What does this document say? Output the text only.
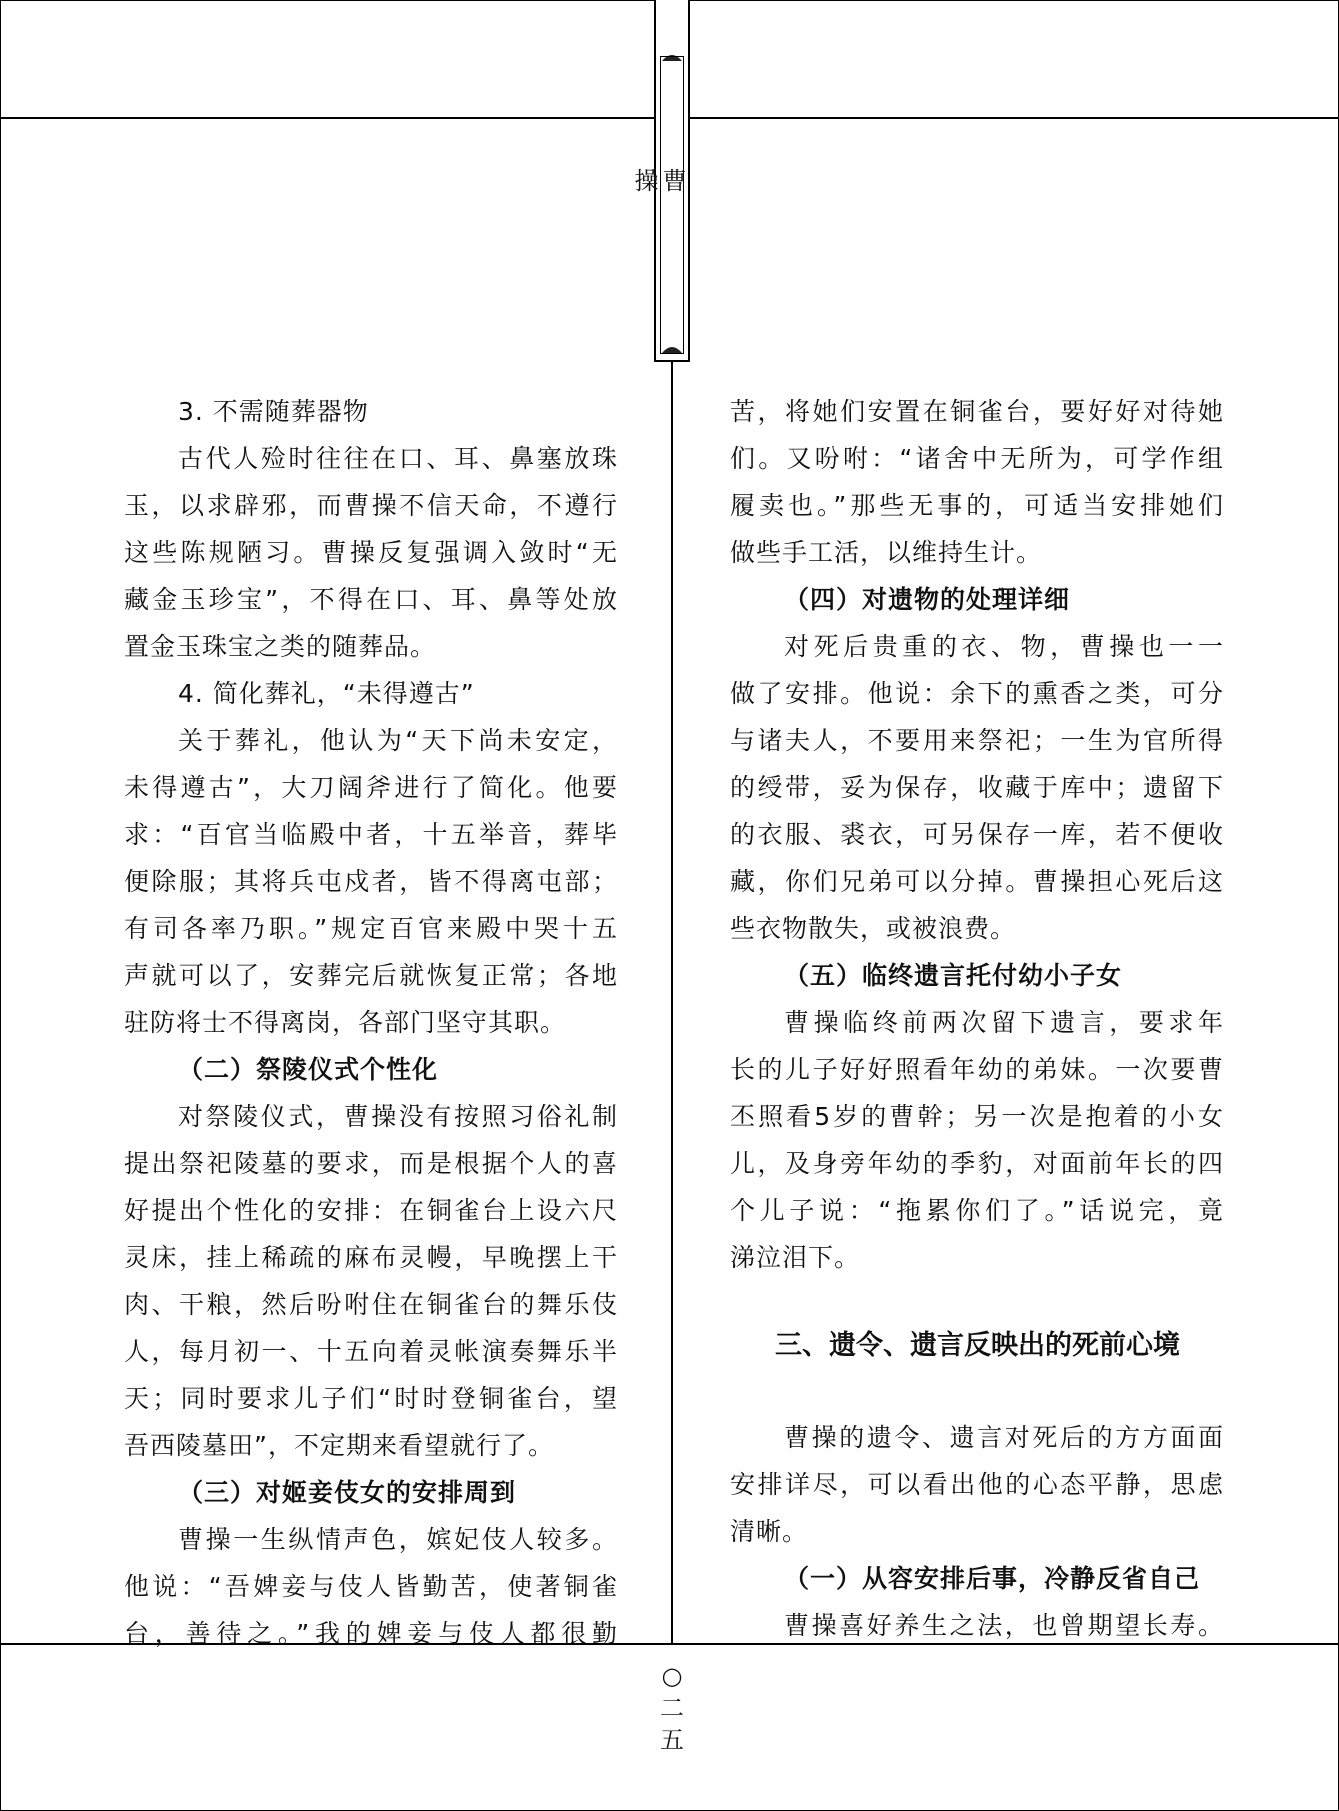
曹
操
3. 不需随葬器物
古代人殓时往往在口、耳、鼻塞放珠
玉，以求辟邪，而曹操不信天命，不遵行
这些陈规陋习。曹操反复强调入敛时“无
藏金玉珍宝”，不得在口、耳、鼻等处放
置金玉珠宝之类的随葬品。
4. 简化葬礼，“未得遵古”
关于葬礼，他认为“天下尚未安定，
未得遵古”，大刀阔斧进行了简化。他要
求：“百官当临殿中者，十五举音，葬毕
便除服；其将兵屯戍者，皆不得离屯部；
有司各率乃职。”规定百官来殿中哭十五
声就可以了，安葬完后就恢复正常；各地
驻防将士不得离岗，各部门坚守其职。
（二）祭陵仪式个性化
对祭陵仪式，曹操没有按照习俗礼制
提出祭祀陵墓的要求，而是根据个人的喜
好提出个性化的安排：在铜雀台上设六尺
灵床，挂上稀疏的麻布灵幔，早晚摆上干
肉、干粮，然后吩咐住在铜雀台的舞乐伎
人，每月初一、十五向着灵帐演奏舞乐半
天；同时要求儿子们“时时登铜雀台，望
吾西陵墓田”，不定期来看望就行了。
（三）对姬妾伎女的安排周到
曹操一生纵情声色，嫔妃伎人较多。
他说：“吾婢妾与伎人皆勤苦，使著铜雀
台，善待之。”我的婢妾与伎人都很勤
苦，将她们安置在铜雀台，要好好对待她
们。又吩咐：“诸舍中无所为，可学作组
履卖也。”那些无事的，可适当安排她们
做些手工活，以维持生计。
（四）对遗物的处理详细
对死后贵重的衣、物，曹操也一一
做了安排。他说：余下的熏香之类，可分
与诸夫人，不要用来祭祀；一生为官所得
的绶带，妥为保存，收藏于库中；遗留下
的衣服、裘衣，可另保存一库，若不便收
藏，你们兄弟可以分掉。曹操担心死后这
些衣物散失，或被浪费。
（五）临终遗言托付幼小子女
曹操临终前两次留下遗言，要求年
长的儿子好好照看年幼的弟妹。一次要曹
丕照看5岁的曹幹；另一次是抱着的小女
儿，及身旁年幼的季豹，对面前年长的四
个儿子说：“拖累你们了。”话说完，竟
涕泣泪下。
三、遗令、遗言反映出的死前心境
曹操的遗令、遗言对死后的方方面面
安排详尽，可以看出他的心态平静，思虑
清晰。
（一）从容安排后事，冷静反省自己
曹操喜好养生之法，也曾期望长寿。
○
二
五
